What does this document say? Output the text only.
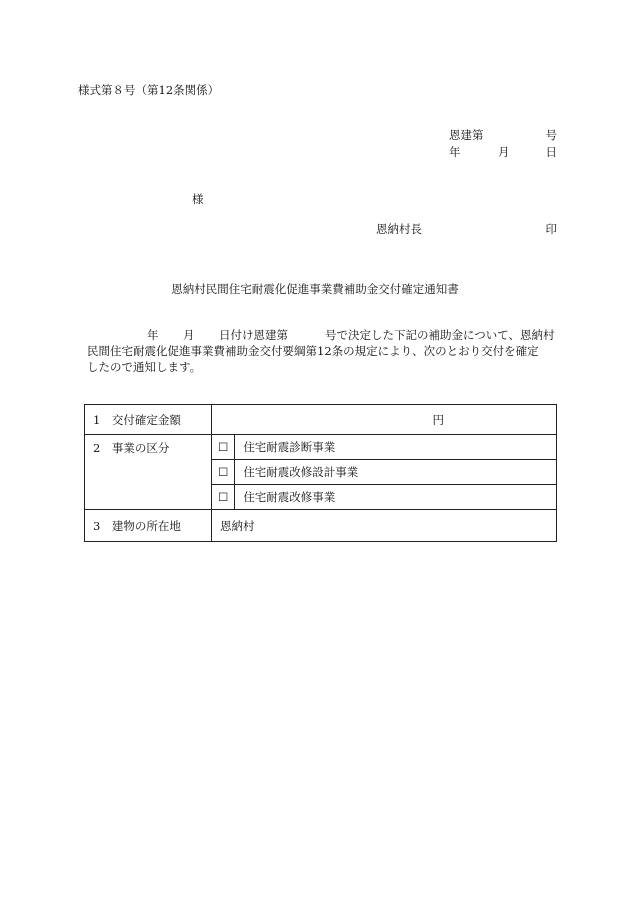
様式第８号（第12条関係）
恩建第	号
年	月	日
様
恩納村長	印
恩納村民間住宅耐震化促進事業費補助金交付確定通知書
年 月 日付け恩建第	号で決定した下記の補助金について、恩納村
民間住宅耐震化促進事業費補助金交付要綱第12条の規定により、次のとおり交付を確定
したので通知します。
1　交付確定金額	円	
2　事業の区分	☐	住宅耐震診断事業
	☐	住宅耐震改修設計事業
	☐	住宅耐震改修事業
3　建物の所在地	恩納村	
